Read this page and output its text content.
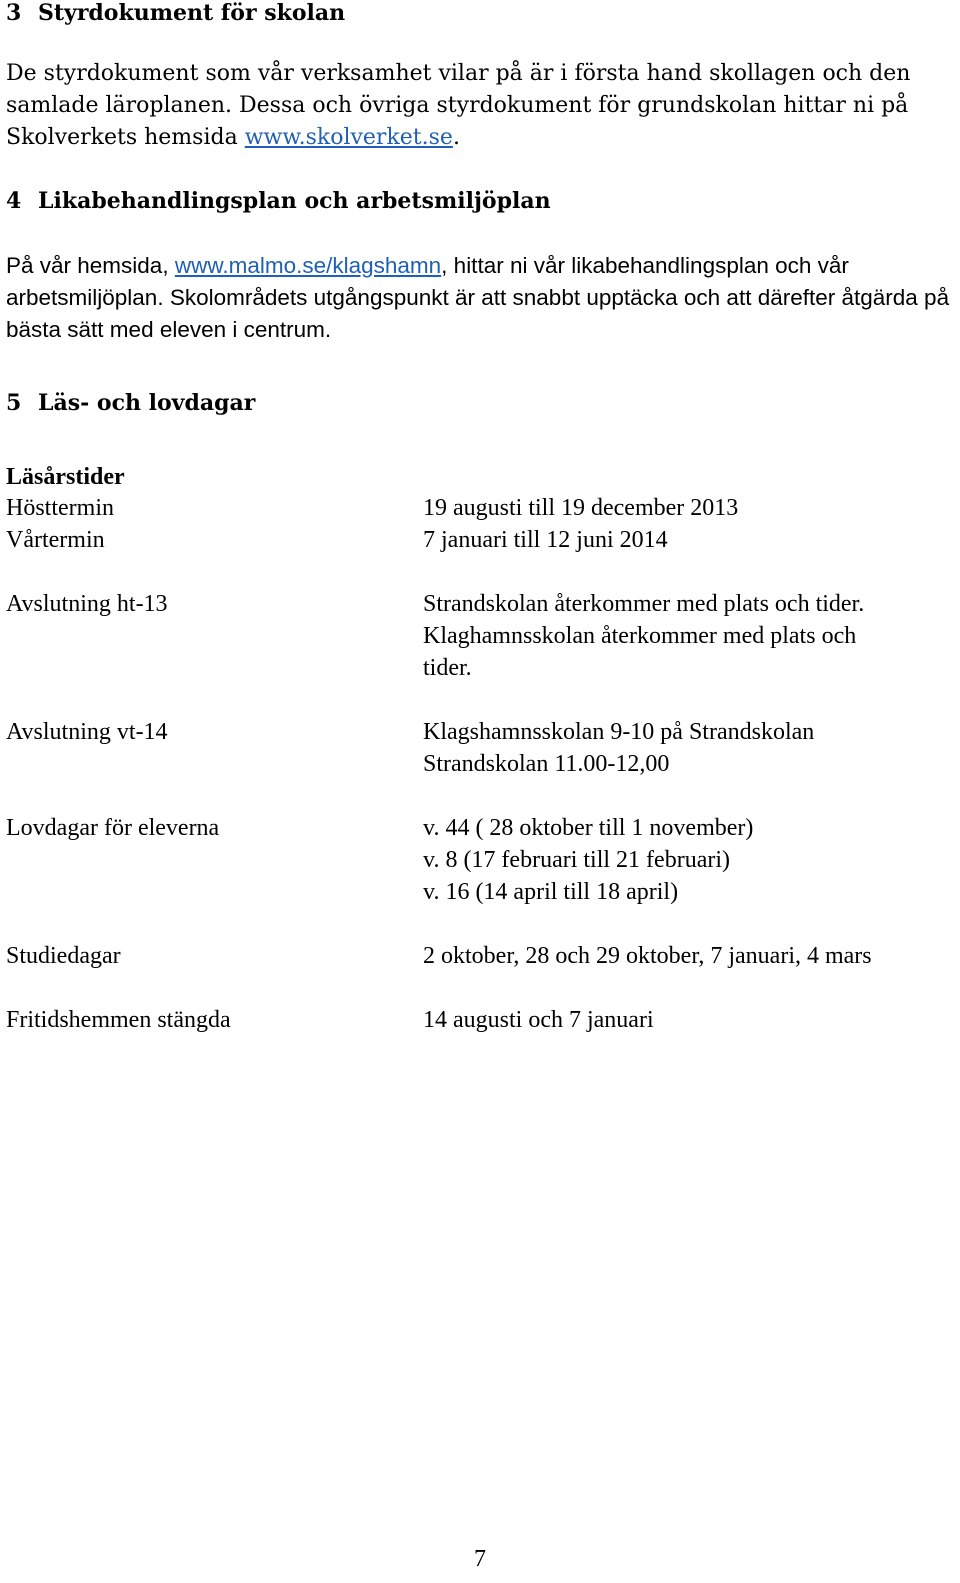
3 Styrdokument för skolan

De styrdokument som vår verksamhet vilar på är i första hand skollagen och den samlade läroplanen. Dessa och övriga styrdokument för grundskolan hittar ni på Skolverkets hemsida www.skolverket.se.

4 Likabehandlingsplan och arbetsmiljöplan

På vår hemsida, www.malmo.se/klagshamn, hittar ni vår likabehandlingsplan och vår arbetsmiljöplan. Skolområdets utgångspunkt är att snabbt upptäcka och att därefter åtgärda på bästa sätt med eleven i centrum.

5 Läs- och lovdagar
Läsårstider
Hösttermin	19 augusti till 19 december 2013
Vårtermin	7 januari till 12 juni 2014
Avslutning ht-13	Strandskolan återkommer med plats och tider.
Klaghamnsskolan återkommer med plats och
tider.
Avslutning vt-14	Klagshamnsskolan 9-10 på Strandskolan
Strandskolan 11.00-12,00
Lovdagar för eleverna	v. 44 ( 28 oktober till 1 november)
v. 8 (17 februari till 21 februari)
v. 16 (14 april till 18 april)
Studiedagar	2 oktober, 28 och 29 oktober, 7 januari, 4 mars
Fritidshemmen stängda	14 augusti och 7 januari
7
